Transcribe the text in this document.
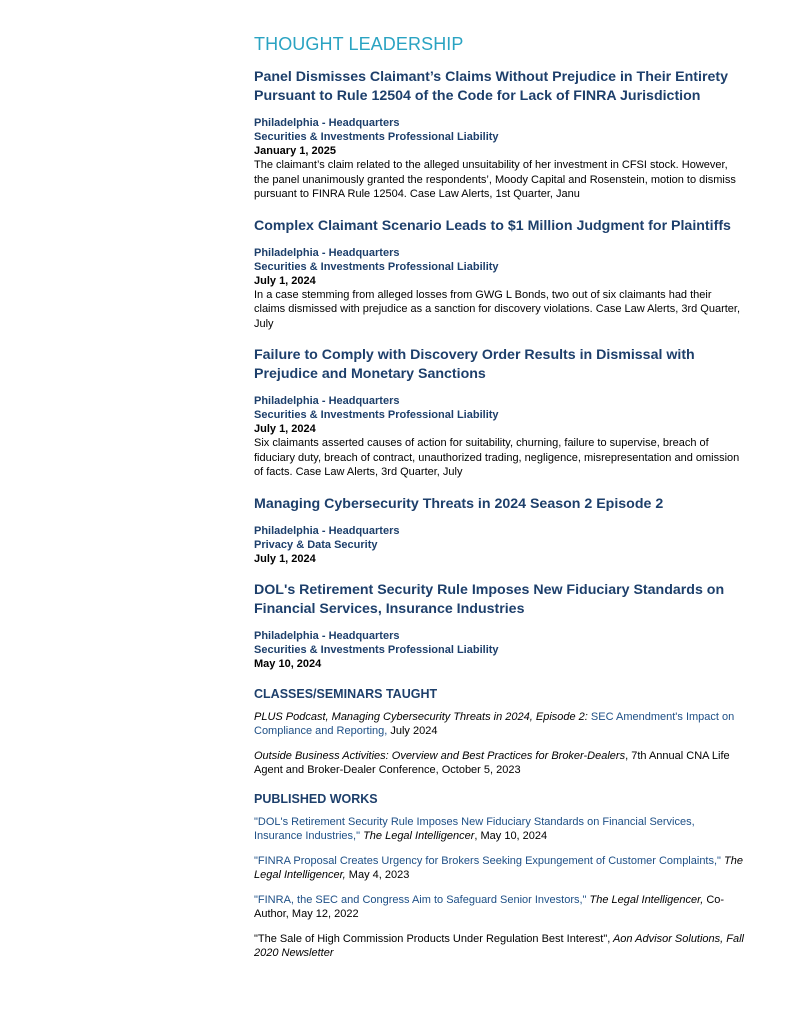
THOUGHT LEADERSHIP
Panel Dismisses Claimant’s Claims Without Prejudice in Their Entirety Pursuant to Rule 12504 of the Code for Lack of FINRA Jurisdiction
Philadelphia - Headquarters
Securities & Investments Professional Liability
January 1, 2025
The claimant’s claim related to the alleged unsuitability of her investment in CFSI stock. However, the panel unanimously granted the respondents’, Moody Capital and Rosenstein, motion to dismiss pursuant to FINRA Rule 12504. Case Law Alerts, 1st Quarter, Janu
Complex Claimant Scenario Leads to $1 Million Judgment for Plaintiffs
Philadelphia - Headquarters
Securities & Investments Professional Liability
July 1, 2024
In a case stemming from alleged losses from GWG L Bonds, two out of six claimants had their claims dismissed with prejudice as a sanction for discovery violations. Case Law Alerts, 3rd Quarter, July
Failure to Comply with Discovery Order Results in Dismissal with Prejudice and Monetary Sanctions
Philadelphia - Headquarters
Securities & Investments Professional Liability
July 1, 2024
Six claimants asserted causes of action for suitability, churning, failure to supervise, breach of fiduciary duty, breach of contract, unauthorized trading, negligence, misrepresentation and omission of facts. Case Law Alerts, 3rd Quarter, July
Managing Cybersecurity Threats in 2024 Season 2 Episode 2
Philadelphia - Headquarters
Privacy & Data Security
July 1, 2024
DOL's Retirement Security Rule Imposes New Fiduciary Standards on Financial Services, Insurance Industries
Philadelphia - Headquarters
Securities & Investments Professional Liability
May 10, 2024
CLASSES/SEMINARS TAUGHT

PLUS Podcast, Managing Cybersecurity Threats in 2024, Episode 2: SEC Amendment's Impact on Compliance and Reporting, July 2024

Outside Business Activities: Overview and Best Practices for Broker-Dealers, 7th Annual CNA Life Agent and Broker-Dealer Conference, October 5, 2023

PUBLISHED WORKS

"DOL's Retirement Security Rule Imposes New Fiduciary Standards on Financial Services, Insurance Industries," The Legal Intelligencer, May 10, 2024

"FINRA Proposal Creates Urgency for Brokers Seeking Expungement of Customer Complaints," The Legal Intelligencer, May 4, 2023

"FINRA, the SEC and Congress Aim to Safeguard Senior Investors," The Legal Intelligencer, Co-Author, May 12, 2022

"The Sale of High Commission Products Under Regulation Best Interest", Aon Advisor Solutions, Fall 2020 Newsletter
